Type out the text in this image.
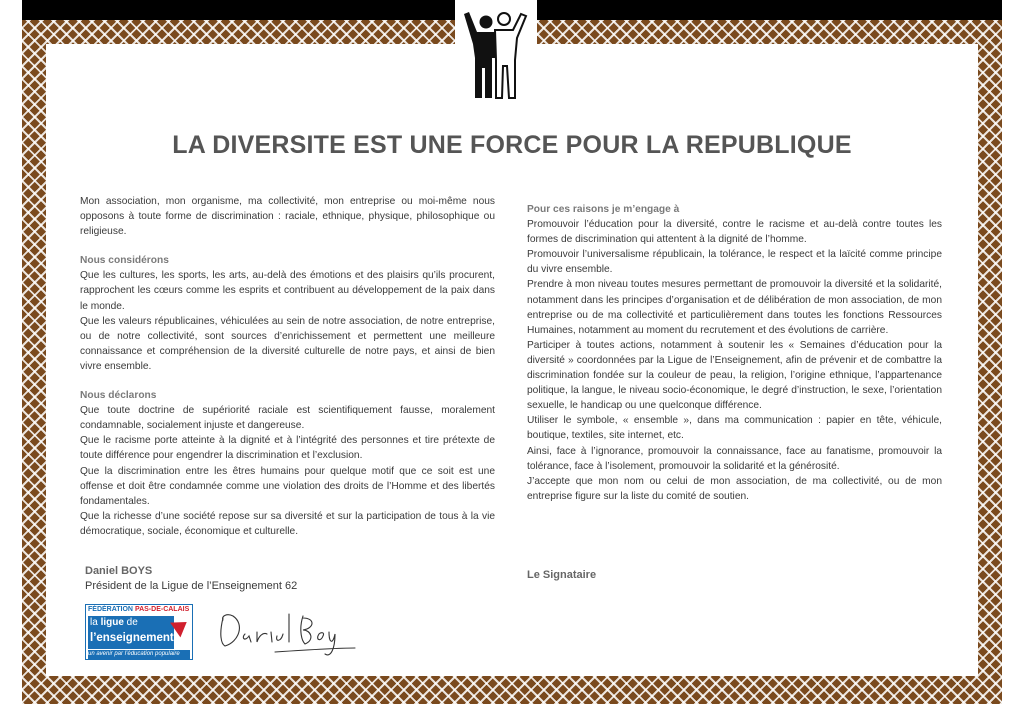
LA DIVERSITE EST UNE FORCE POUR LA REPUBLIQUE

Mon association, mon organisme, ma collectivité, mon entreprise ou moi-même nous opposons à toute forme de discrimination : raciale, ethnique, physique, philosophique ou religieuse.

Nous considérons

Que les cultures, les sports, les arts, au-delà des émotions et des plaisirs qu’ils procurent, rapprochent les cœurs comme les esprits et contribuent au développement de la paix dans le monde.

Que les valeurs républicaines, véhiculées au sein de notre association, de notre entreprise, ou de notre collectivité, sont sources d’enrichissement et permettent une meilleure connaissance et compréhension de la diversité culturelle de notre pays, et ainsi de bien vivre ensemble.

Nous déclarons

Que toute doctrine de supériorité raciale est scientifiquement fausse, moralement condamnable, socialement injuste et dangereuse.

Que le racisme porte atteinte à la dignité et à l’intégrité des personnes et tire prétexte de toute différence pour engendrer la discrimination et l’exclusion.

Que la discrimination entre les êtres humains pour quelque motif que ce soit est une offense et doit être condamnée comme une violation des droits de l’Homme et des libertés fondamentales.

Que la richesse d’une société repose sur sa diversité et sur la participation de tous à la vie démocratique, sociale, économique et culturelle.

Pour ces raisons je m’engage à

Promouvoir l’éducation pour la diversité, contre le racisme et au-delà contre toutes les formes de discrimination qui attentent à la dignité de l’homme.

Promouvoir l’universalisme républicain, la tolérance, le respect et la laïcité comme principe du vivre ensemble.

Prendre à mon niveau toutes mesures permettant de promouvoir la diversité et la solidarité, notamment dans les principes d’organisation et de délibération de mon association, de mon entreprise ou de ma collectivité et particulièrement dans toutes les fonctions Ressources Humaines, notamment au moment du recrutement et des évolutions de carrière.

Participer à toutes actions, notamment à soutenir les « Semaines d’éducation pour la diversité » coordonnées par la Ligue de l’Enseignement, afin de prévenir et de combattre la discrimination fondée sur la couleur de peau, la religion, l’origine ethnique, l’appartenance politique, la langue, le niveau socio-économique, le degré d’instruction, le sexe, l’orientation sexuelle, le handicap ou une quelconque différence.

Utiliser le symbole, « ensemble », dans ma communication : papier en tête, véhicule, boutique, textiles, site internet, etc.

Ainsi, face à l’ignorance, promouvoir la connaissance, face au fanatisme, promouvoir la tolérance, face à l’isolement, promouvoir la solidarité et la générosité.

J’accepte que mon nom ou celui de mon association, de ma collectivité, ou de mon entreprise figure sur la liste du comité de soutien.

Daniel BOYS
Président de la Ligue de l’Enseignement 62
Le Signataire
FÉDÉRATION PAS-DE-CALAIS
la ligue de
l’enseignement
un avenir par l’éducation populaire
